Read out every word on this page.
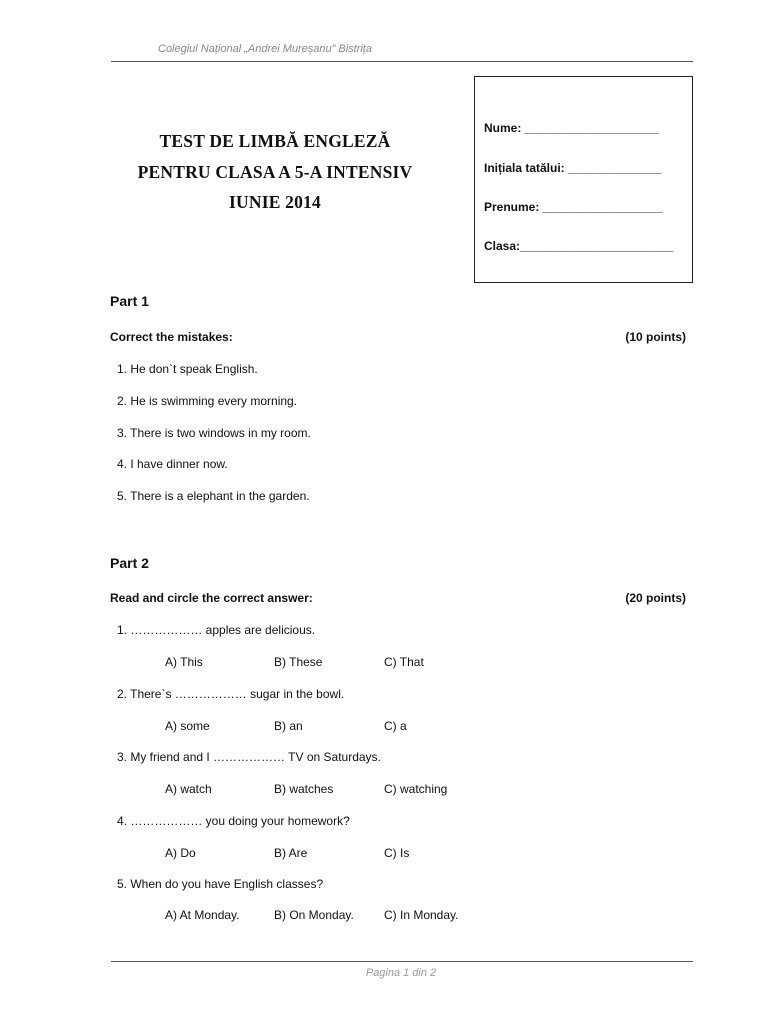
Colegiul Național „Andrei Mureșanu” Bistrița
TEST DE LIMBĂ ENGLEZĂ
PENTRU CLASA A 5-A INTENSIV
IUNIE 2014
Nume: ____________________
Inițiala tatălui: ______________
Prenume: __________________
Clasa:_______________________
Part 1
Correct the mistakes:	(10 points)
1. He don`t speak English.
2. He is swimming every morning.
3. There is two windows in my room.
4. I have dinner now.
5. There is a elephant in the garden.
Part 2
Read and circle the correct answer:	(20 points)
1. ……………… apples are delicious.
A) This	B) These	C) That
2. There`s ……………… sugar in the bowl.
A) some	B) an	C) a
3. My friend and I ……………… TV on Saturdays.
A) watch	B) watches	C) watching
4. ……………… you doing your homework?
A) Do	B) Are	C) Is
5. When do you have English classes?
A) At Monday.	B) On Monday.	C) In Monday.
Pagina 1 din 2
